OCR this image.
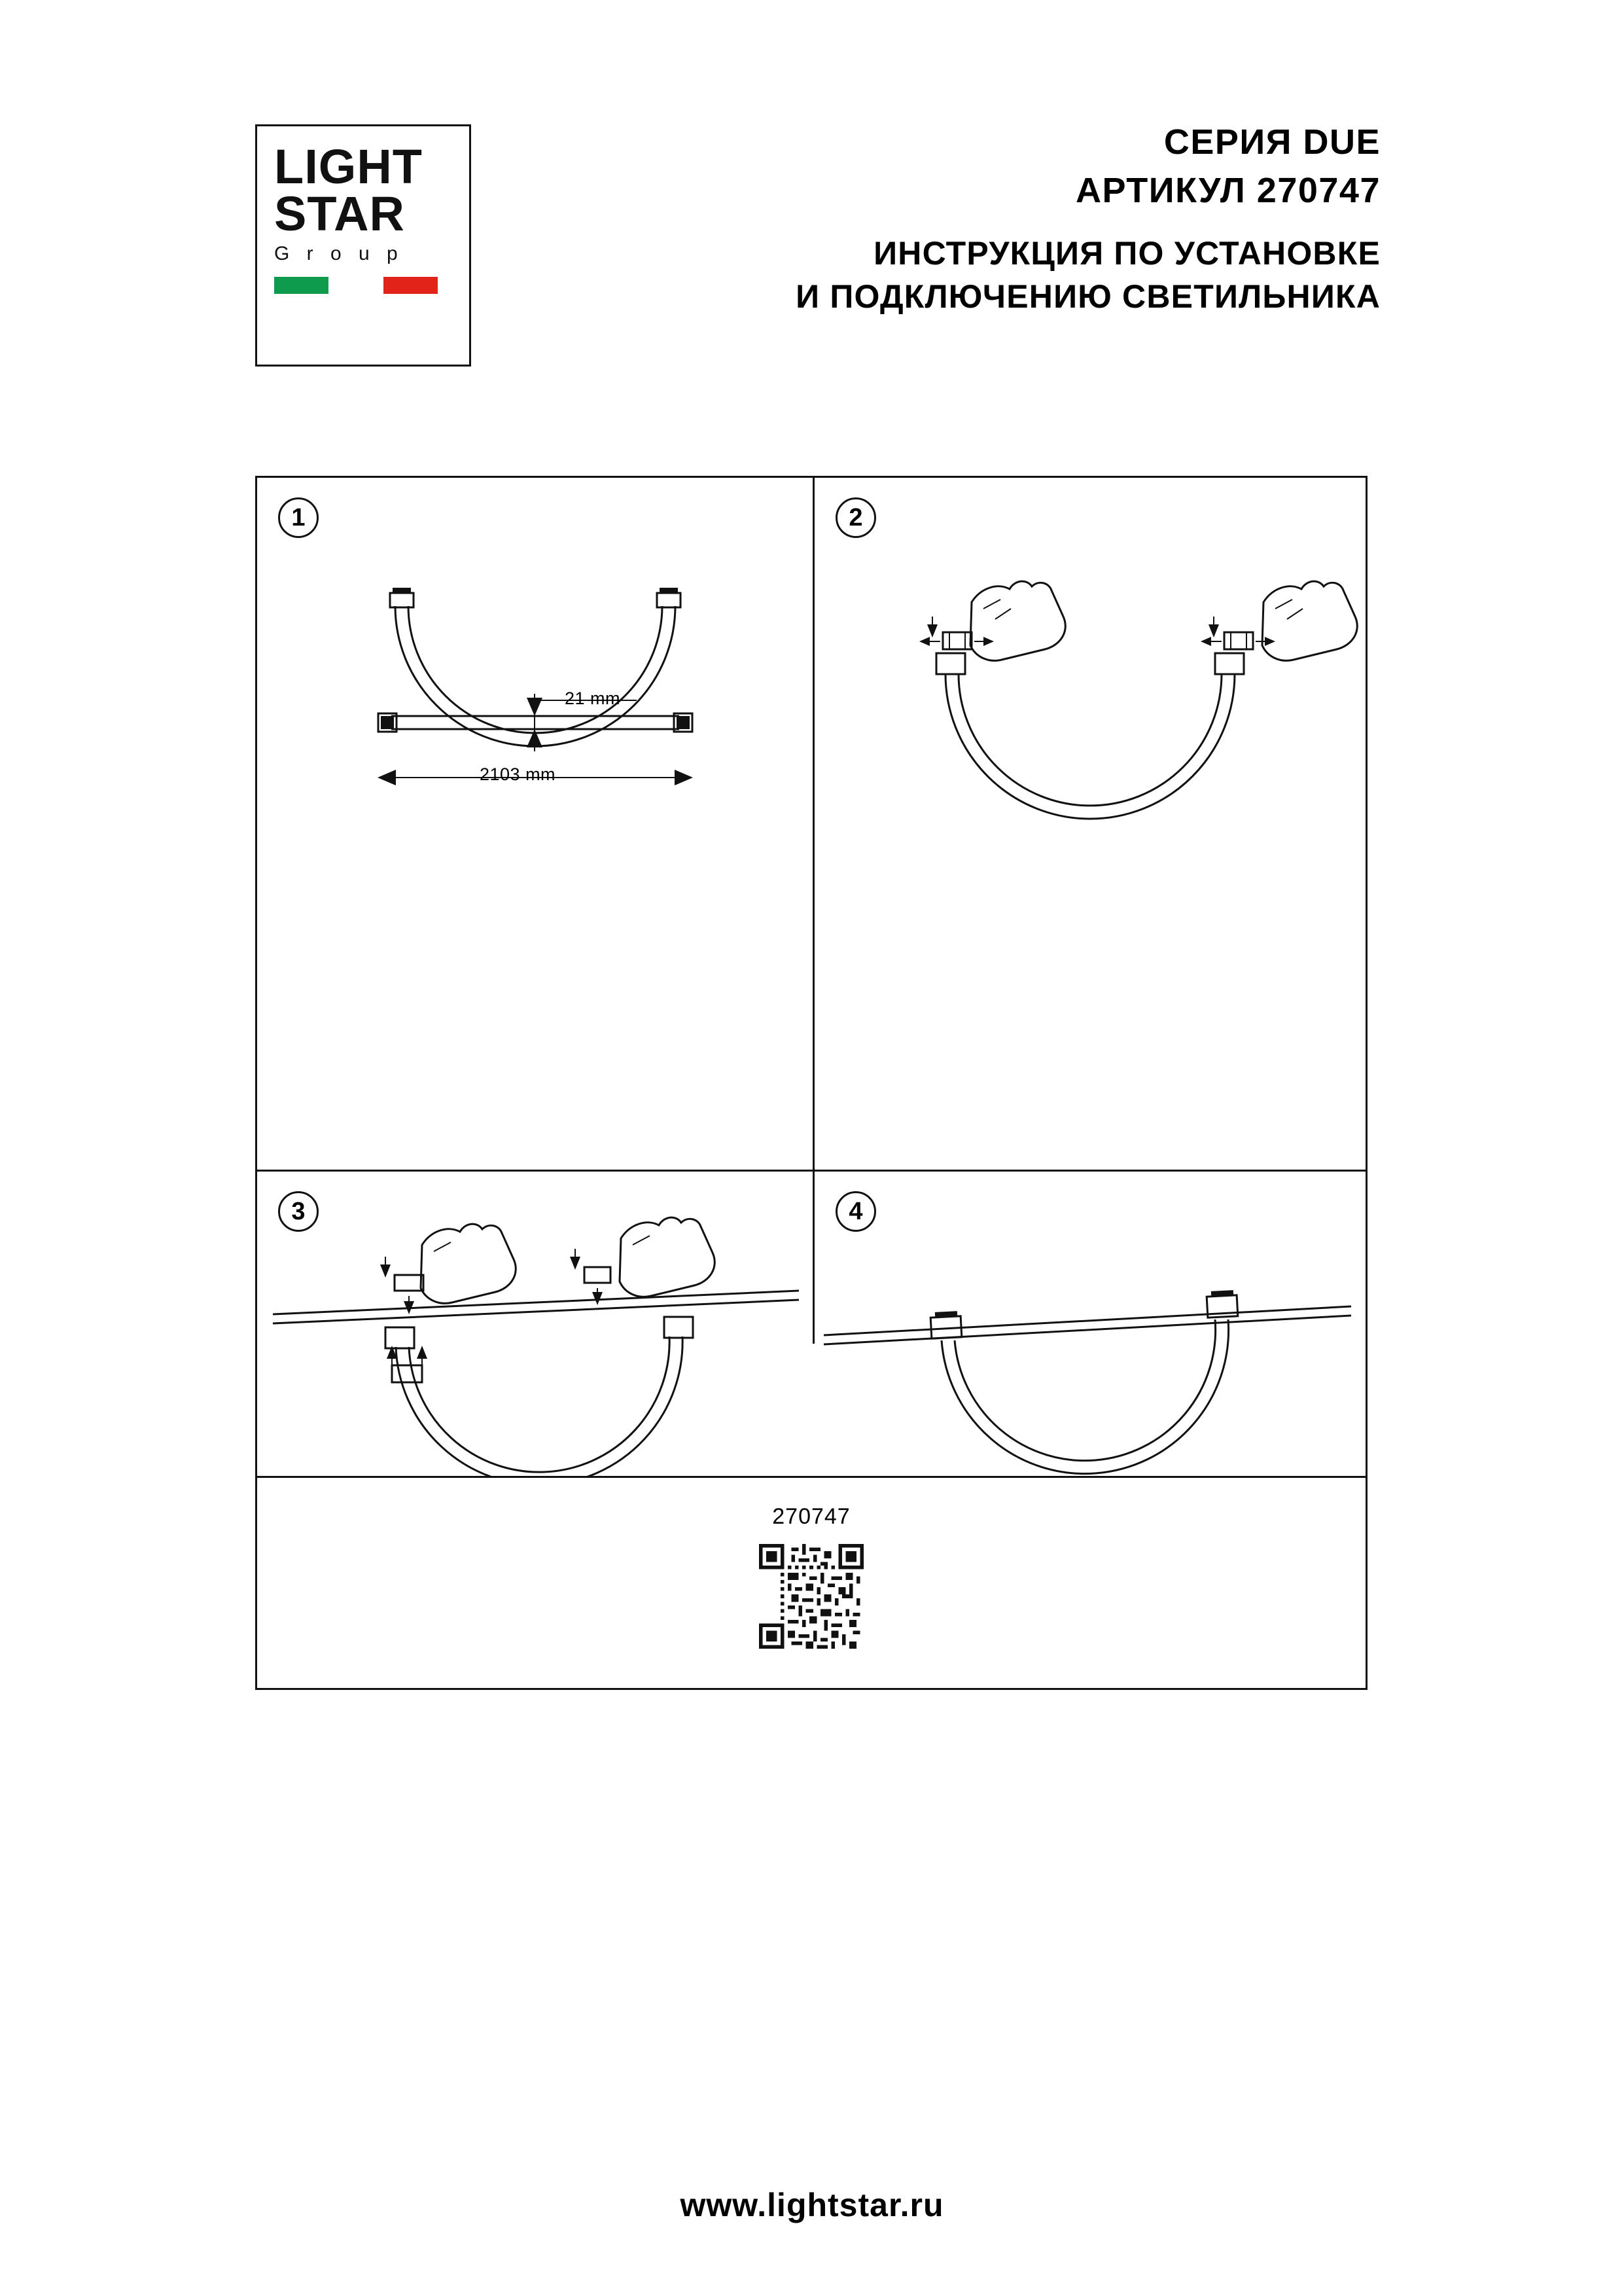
LIGHT
STAR
G r o u p
СЕРИЯ DUE
АРТИКУЛ 270747
ИНСТРУКЦИЯ ПО УСТАНОВКЕ
И ПОДКЛЮЧЕНИЮ СВЕТИЛЬНИКА
1
21 mm
2103 mm
2
3	4
270747
www.lightstar.ru
